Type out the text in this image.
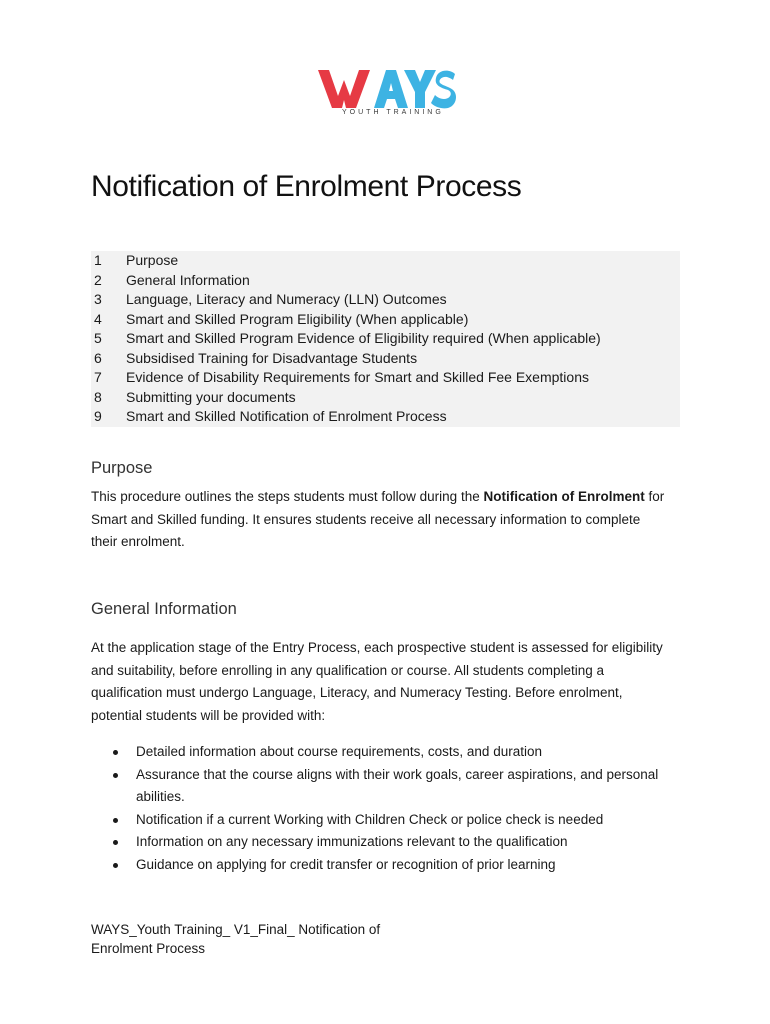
YOUTH TRAINING
Notification of Enrolment Process
1	Purpose
2	General Information
3	Language, Literacy and Numeracy (LLN) Outcomes
4	Smart and Skilled Program Eligibility (When applicable)
5	Smart and Skilled Program Evidence of Eligibility required (When applicable)
6	Subsidised Training for Disadvantage Students
7	Evidence of Disability Requirements for Smart and Skilled Fee Exemptions
8	Submitting your documents
9	Smart and Skilled Notification of Enrolment Process
Purpose

This procedure outlines the steps students must follow during the Notification of Enrolment for Smart and Skilled funding. It ensures students receive all necessary information to complete their enrolment.

General Information

At the application stage of the Entry Process, each prospective student is assessed for eligibility and suitability, before enrolling in any qualification or course. All students completing a qualification must undergo Language, Literacy, and Numeracy Testing. Before enrolment, potential students will be provided with:

Detailed information about course requirements, costs, and duration
Assurance that the course aligns with their work goals, career aspirations, and personal abilities.
Notification if a current Working with Children Check or police check is needed
Information on any necessary immunizations relevant to the qualification
Guidance on applying for credit transfer or recognition of prior learning

WAYS_Youth Training_ V1_Final_ Notification of Enrolment Process
